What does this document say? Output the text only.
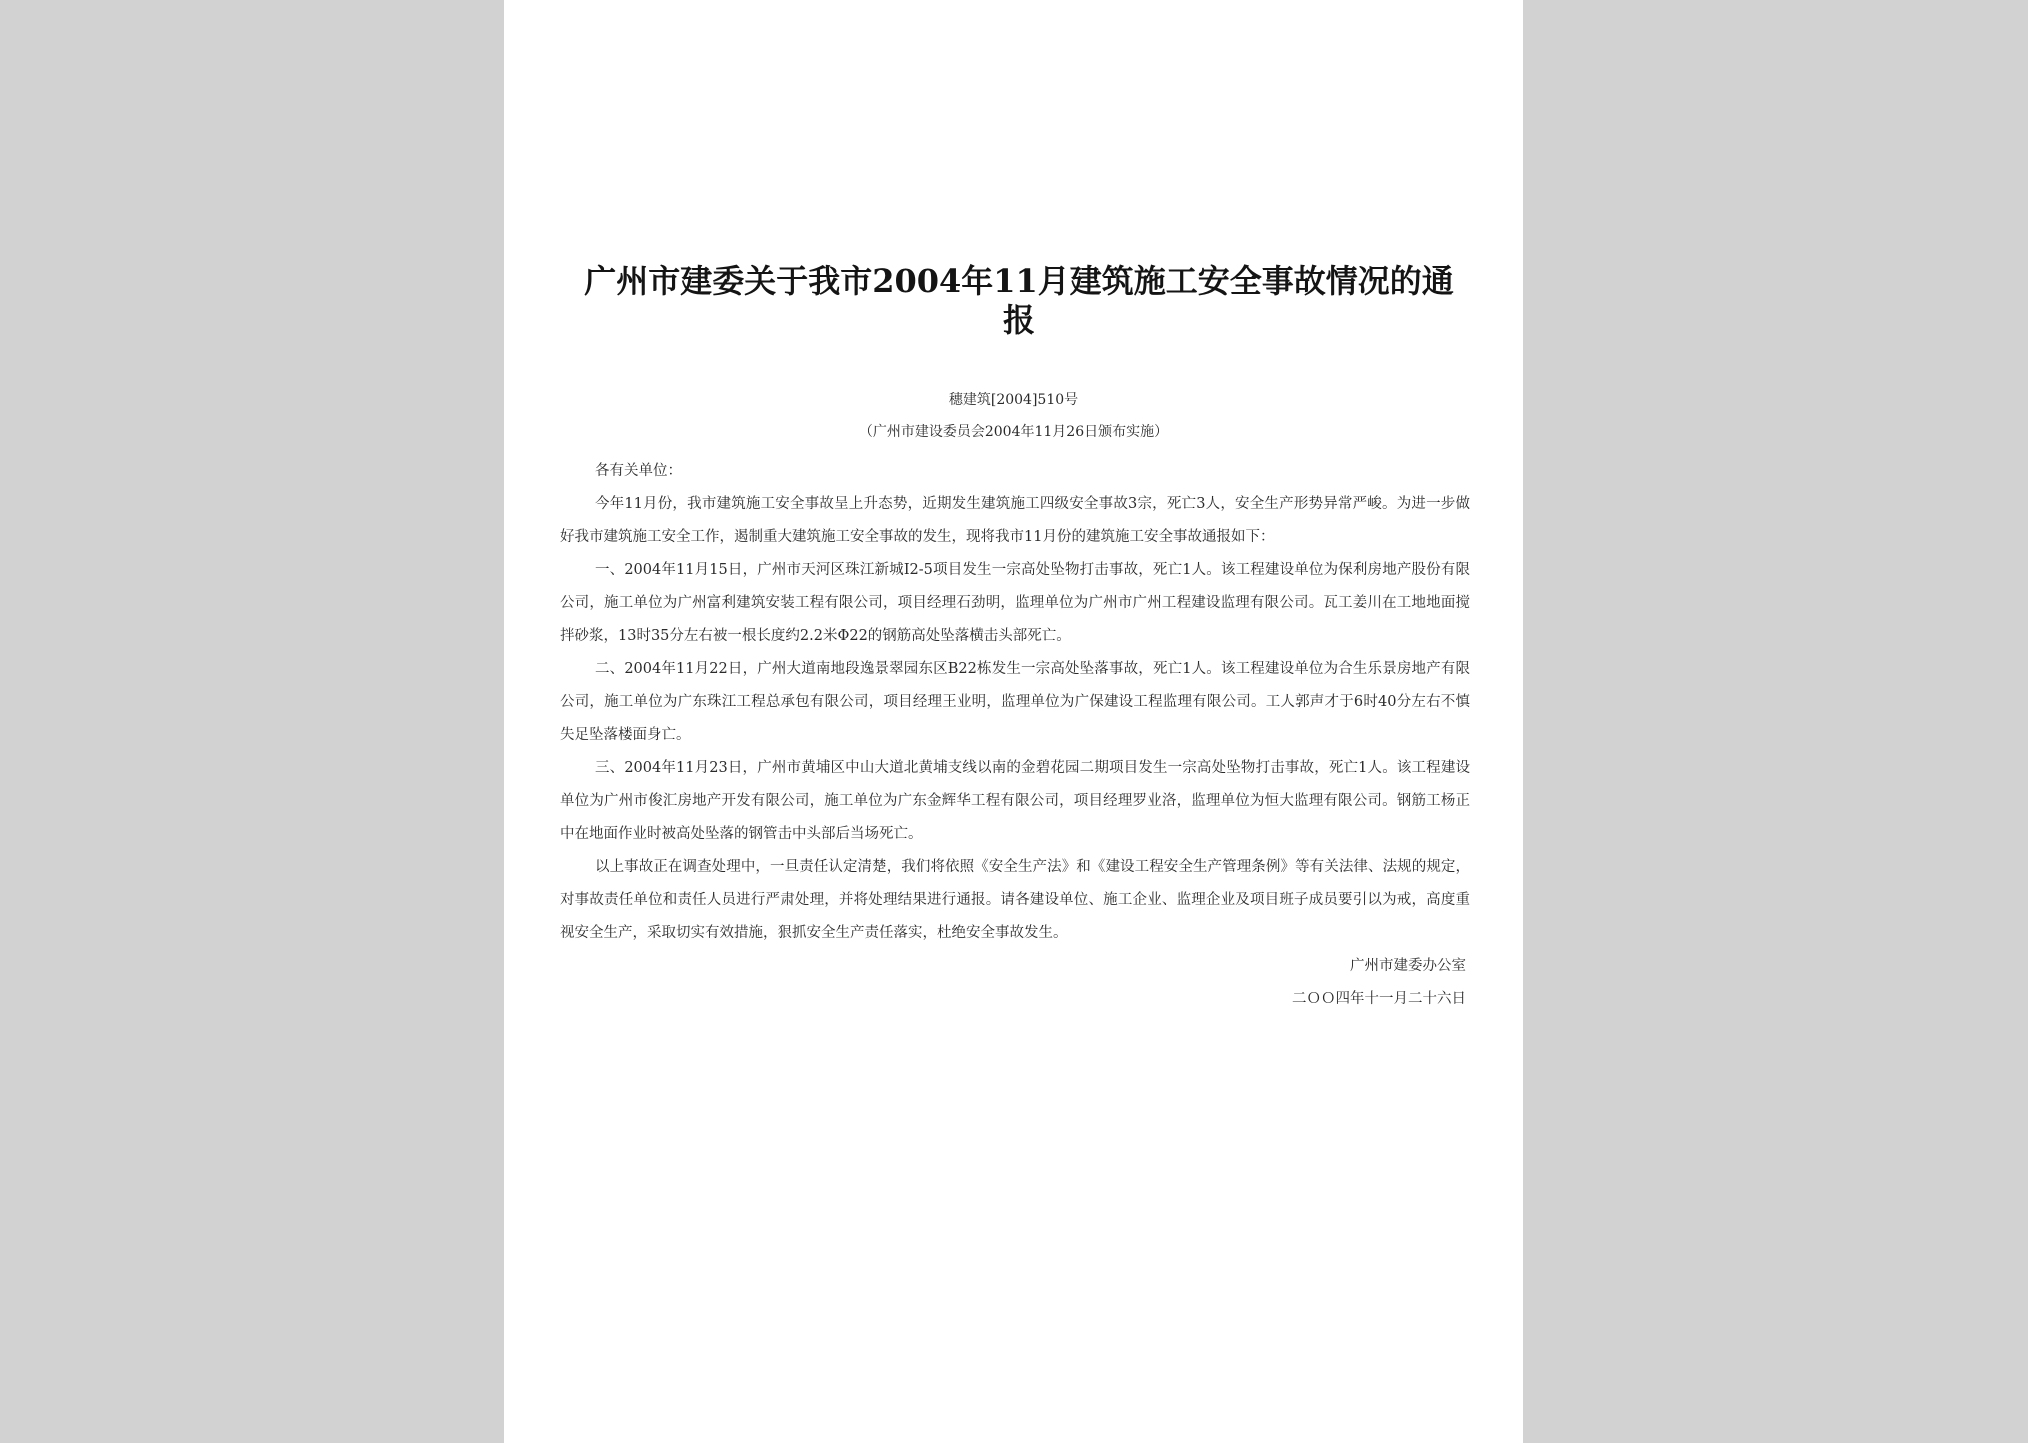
广州市建委关于我市2004年11月建筑施工安全事故情况的通报
穗建筑[2004]510号
（广州市建设委员会2004年11月26日颁布实施）

各有关单位：

今年11月份，我市建筑施工安全事故呈上升态势，近期发生建筑施工四级安全事故3宗，死亡3人，安全生产形势异常严峻。为进一步做好我市建筑施工安全工作，遏制重大建筑施工安全事故的发生，现将我市11月份的建筑施工安全事故通报如下：

一、2004年11月15日，广州市天河区珠江新城I2-5项目发生一宗高处坠物打击事故，死亡1人。该工程建设单位为保利房地产股份有限公司，施工单位为广州富利建筑安装工程有限公司，项目经理石劲明，监理单位为广州市广州工程建设监理有限公司。瓦工姜川在工地地面搅拌砂浆，13时35分左右被一根长度约2.2米Φ22的钢筋高处坠落横击头部死亡。

二、2004年11月22日，广州大道南地段逸景翠园东区B22栋发生一宗高处坠落事故，死亡1人。该工程建设单位为合生乐景房地产有限公司，施工单位为广东珠江工程总承包有限公司，项目经理王业明，监理单位为广保建设工程监理有限公司。工人郭声才于6时40分左右不慎失足坠落楼面身亡。

三、2004年11月23日，广州市黄埔区中山大道北黄埔支线以南的金碧花园二期项目发生一宗高处坠物打击事故，死亡1人。该工程建设单位为广州市俊汇房地产开发有限公司，施工单位为广东金辉华工程有限公司，项目经理罗业洛，监理单位为恒大监理有限公司。钢筋工杨正中在地面作业时被高处坠落的钢管击中头部后当场死亡。

以上事故正在调查处理中，一旦责任认定清楚，我们将依照《安全生产法》和《建设工程安全生产管理条例》等有关法律、法规的规定，对事故责任单位和责任人员进行严肃处理，并将处理结果进行通报。请各建设单位、施工企业、监理企业及项目班子成员要引以为戒，高度重视安全生产，采取切实有效措施，狠抓安全生产责任落实，杜绝安全事故发生。

广州市建委办公室

二ＯＯ四年十一月二十六日
